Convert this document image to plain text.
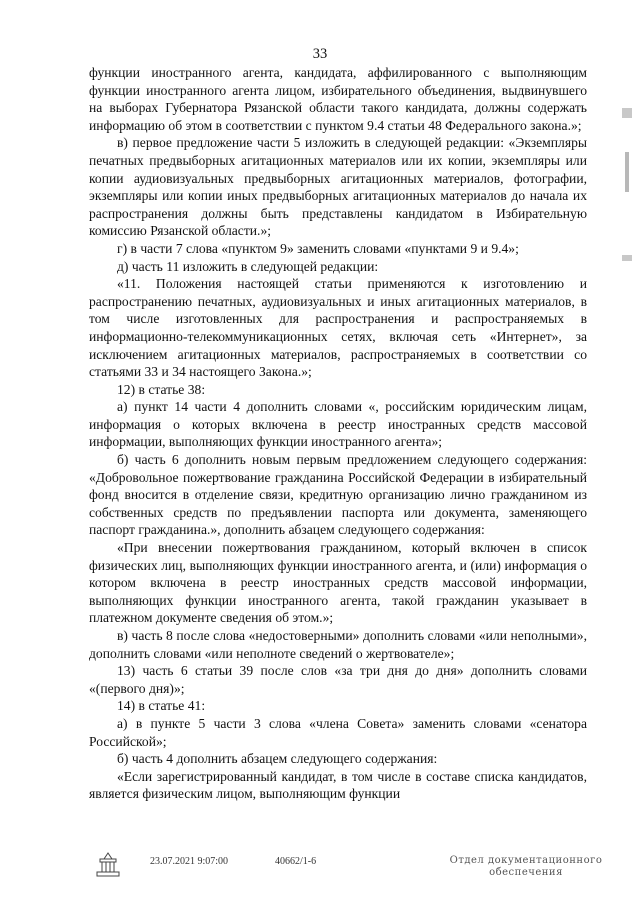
33

функции иностранного агента, кандидата, аффилированного с выполняющим функции иностранного агента лицом, избирательного объединения, выдвинувшего на выборах Губернатора Рязанской области такого кандидата, должны содержать информацию об этом в соответствии с пунктом 9.4 статьи 48 Федерального закона.»;

в) первое предложение части 5 изложить в следующей редакции: «Экземпляры печатных предвыборных агитационных материалов или их копии, экземпляры или копии аудиовизуальных предвыборных агитационных материалов, фотографии, экземпляры или копии иных предвыборных агитационных материалов до начала их распространения должны быть представлены кандидатом в Избирательную комиссию Рязанской области.»;

г) в части 7 слова «пунктом 9» заменить словами «пунктами 9 и 9.4»;

д) часть 11 изложить в следующей редакции:

«11. Положения настоящей статьи применяются к изготовлению и распространению печатных, аудиовизуальных и иных агитационных материалов, в том числе изготовленных для распространения и распространяемых в информационно-телекоммуникационных сетях, включая сеть «Интернет», за исключением агитационных материалов, распространяемых в соответствии со статьями 33 и 34 настоящего Закона.»;

12) в статье 38:

а) пункт 14 части 4 дополнить словами «, российским юридическим лицам, информация о которых включена в реестр иностранных средств массовой информации, выполняющих функции иностранного агента»;

б) часть 6 дополнить новым первым предложением следующего содержания: «Добровольное пожертвование гражданина Российской Федерации в избирательный фонд вносится в отделение связи, кредитную организацию лично гражданином из собственных средств по предъявлении паспорта или документа, заменяющего паспорт гражданина.», дополнить абзацем следующего содержания:

«При внесении пожертвования гражданином, который включен в список физических лиц, выполняющих функции иностранного агента, и (или) информация о котором включена в реестр иностранных средств массовой информации, выполняющих функции иностранного агента, такой гражданин указывает в платежном документе сведения об этом.»;

в) часть 8 после слова «недостоверными» дополнить словами «или неполными», дополнить словами «или неполноте сведений о жертвователе»;

13) часть 6 статьи 39 после слов «за три дня до дня» дополнить словами «(первого дня)»;

14) в статье 41:

а) в пункте 5 части 3 слова «члена Совета» заменить словами «сенатора Российской»;

б) часть 4 дополнить абзацем следующего содержания:

«Если зарегистрированный кандидат, в том числе в составе списка кандидатов, является физическим лицом, выполняющим функции

23.07.2021 9:07:00	40662/1-6	Отдел документационного
обеспечения
